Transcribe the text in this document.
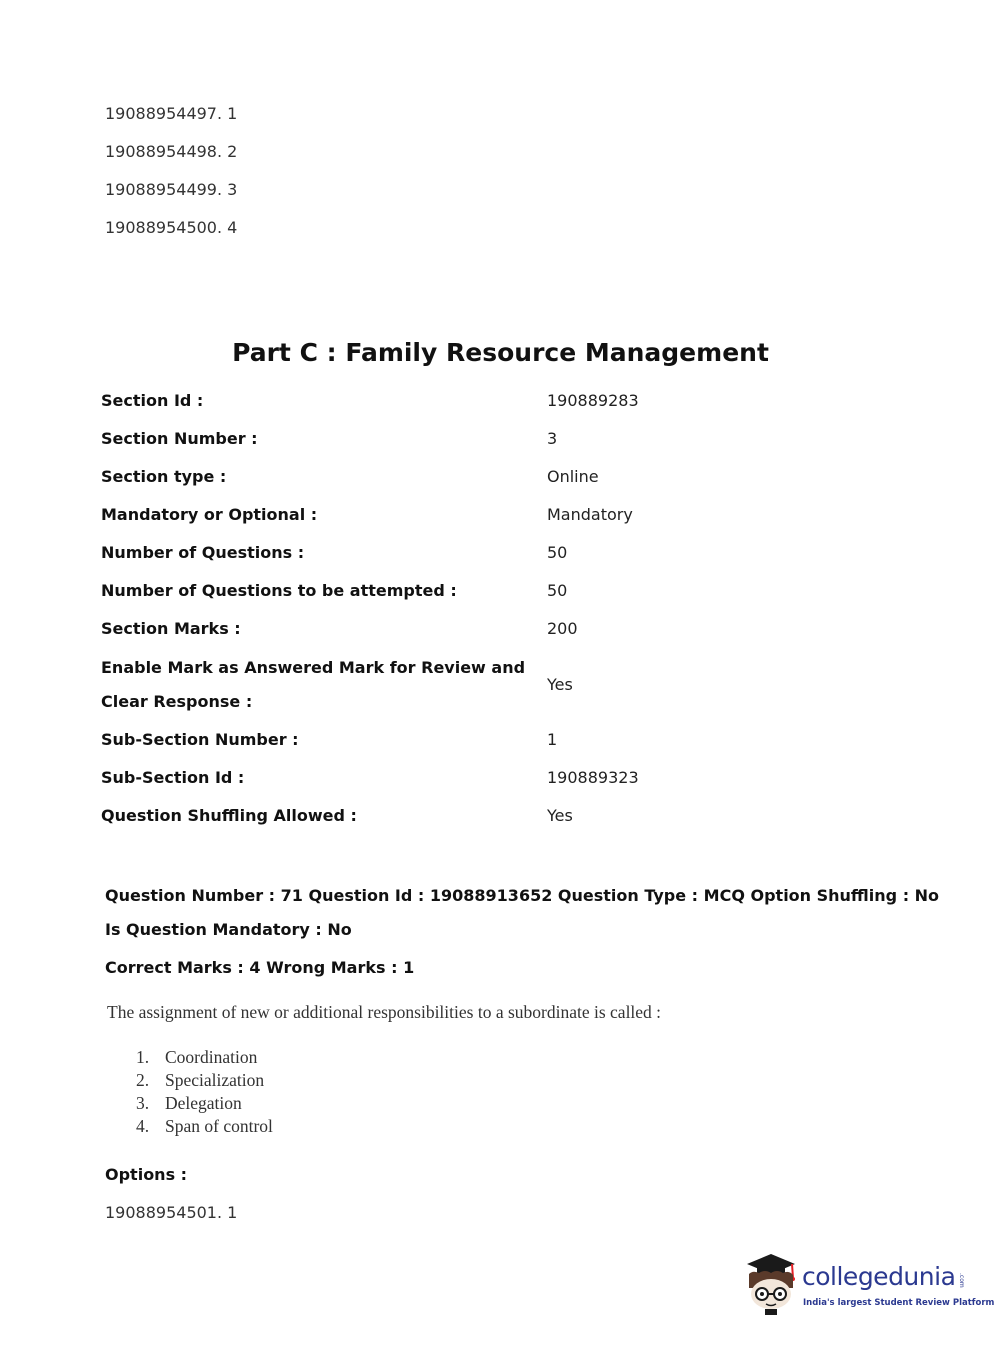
19088954497. 1
19088954498. 2
19088954499. 3
19088954500. 4
Part C : Family Resource Management
Section Id :	190889283
Section Number :	3
Section type :	Online
Mandatory or Optional :	Mandatory
Number of Questions :	50
Number of Questions to be attempted :	50
Section Marks :	200
Enable Mark as Answered Mark for Review and
Clear Response :
Yes
Sub-Section Number :	1
Sub-Section Id :	190889323
Question Shuffling Allowed :	Yes
Question Number : 71 Question Id : 19088913652 Question Type : MCQ Option Shuffling : No
Is Question Mandatory : No
Correct Marks : 4 Wrong Marks : 1
The assignment of new or additional responsibilities to a subordinate is called :
1. Coordination
2. Specialization
3. Delegation
4. Span of control
Options :
19088954501. 1
collegedunia .com
India's largest Student Review Platform
